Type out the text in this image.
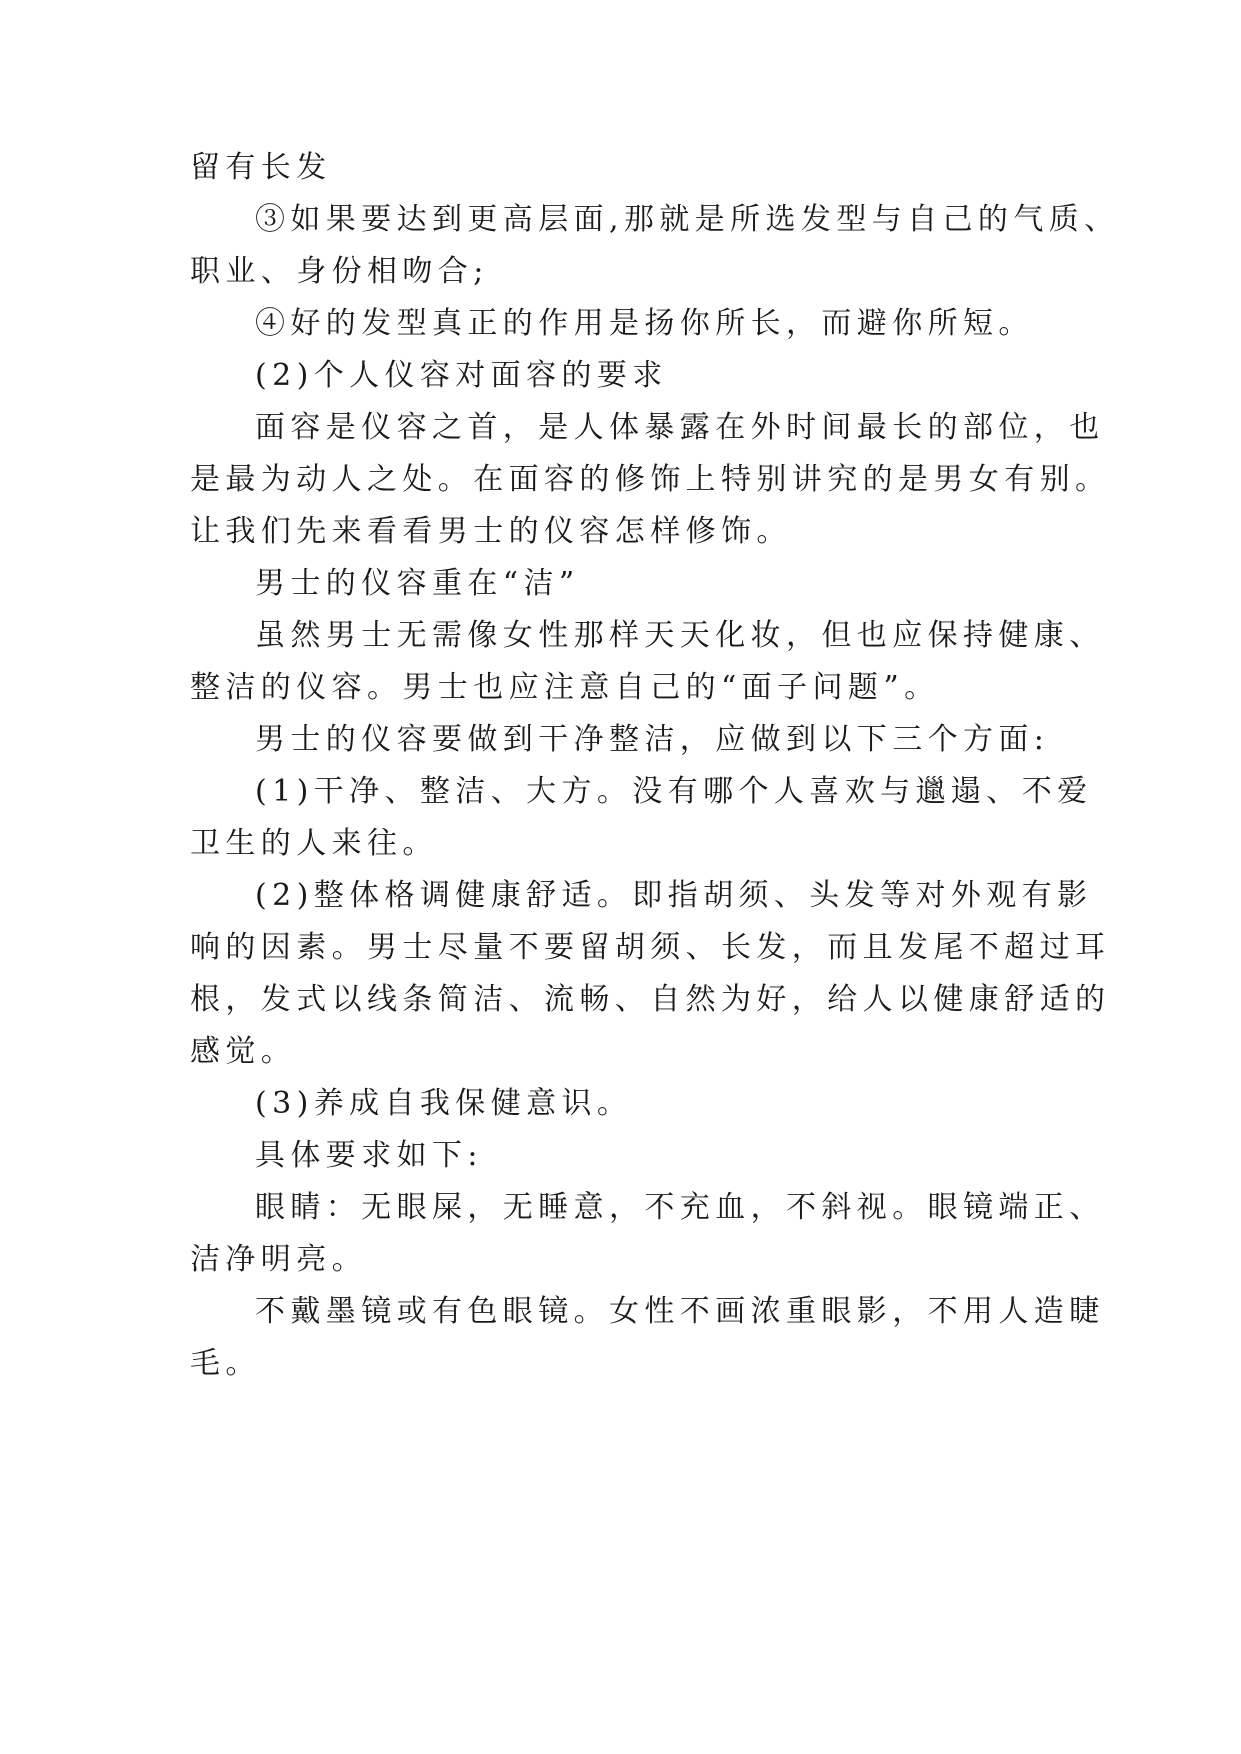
留有长发
③如果要达到更高层面,那就是所选发型与自己的气质、
职业、身份相吻合;
④好的发型真正的作用是扬你所长，而避你所短。
(2)个人仪容对面容的要求
面容是仪容之首，是人体暴露在外时间最长的部位，也
是最为动人之处。在面容的修饰上特别讲究的是男女有别。
让我们先来看看男士的仪容怎样修饰。
男士的仪容重在“洁”
虽然男士无需像女性那样天天化妆，但也应保持健康、
整洁的仪容。男士也应注意自己的“面子问题”。
男士的仪容要做到干净整洁，应做到以下三个方面:
(1)干净、整洁、大方。没有哪个人喜欢与邋遢、不爱
卫生的人来往。
(2)整体格调健康舒适。即指胡须、头发等对外观有影
响的因素。男士尽量不要留胡须、长发，而且发尾不超过耳
根，发式以线条简洁、流畅、自然为好，给人以健康舒适的
感觉。
(3)养成自我保健意识。
具体要求如下:
眼睛：无眼屎，无睡意，不充血，不斜视。眼镜端正、
洁净明亮。
不戴墨镜或有色眼镜。女性不画浓重眼影，不用人造睫
毛。
